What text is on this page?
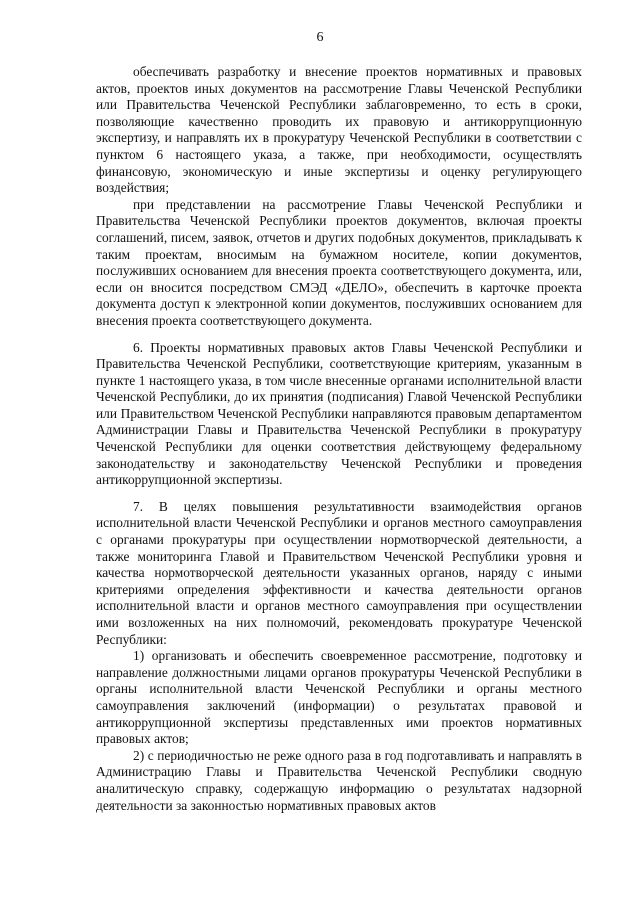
6

обеспечивать разработку и внесение проектов нормативных и правовых актов, проектов иных документов на рассмотрение Главы Чеченской Республики или Правительства Чеченской Республики заблаговременно, то есть в сроки, позволяющие качественно проводить их правовую и антикоррупционную экспертизу, и направлять их в прокуратуру Чеченской Республики в соответствии с пунктом 6 настоящего указа, а также, при необходимости, осуществлять финансовую, экономическую и иные экспертизы и оценку регулирующего воздействия;

при представлении на рассмотрение Главы Чеченской Республики и Правительства Чеченской Республики проектов документов, включая проекты соглашений, писем, заявок, отчетов и других подобных документов, прикладывать к таким проектам, вносимым на бумажном носителе, копии документов, послуживших основанием для внесения проекта соответствующего документа, или, если он вносится посредством СМЭД «ДЕЛО», обеспечить в карточке проекта документа доступ к электронной копии документов, послуживших основанием для внесения проекта соответствующего документа.

6. Проекты нормативных правовых актов Главы Чеченской Республики и Правительства Чеченской Республики, соответствующие критериям, указанным в пункте 1 настоящего указа, в том числе внесенные органами исполнительной власти Чеченской Республики, до их принятия (подписания) Главой Чеченской Республики или Правительством Чеченской Республики направляются правовым департаментом Администрации Главы и Правительства Чеченской Республики в прокуратуру Чеченской Республики для оценки соответствия действующему федеральному законодательству и законодательству Чеченской Республики и проведения антикоррупционной экспертизы.

7. В целях повышения результативности взаимодействия органов исполнительной власти Чеченской Республики и органов местного самоуправления с органами прокуратуры при осуществлении нормотворческой деятельности, а также мониторинга Главой и Правительством Чеченской Республики уровня и качества нормотворческой деятельности указанных органов, наряду с иными критериями определения эффективности и качества деятельности органов исполнительной власти и органов местного самоуправления при осуществлении ими возложенных на них полномочий, рекомендовать прокуратуре Чеченской Республики:

1) организовать и обеспечить своевременное рассмотрение, подготовку и направление должностными лицами органов прокуратуры Чеченской Республики в органы исполнительной власти Чеченской Республики и органы местного самоуправления заключений (информации) о результатах правовой и антикоррупционной экспертизы представленных ими проектов нормативных правовых актов;

2) с периодичностью не реже одного раза в год подготавливать и направлять в Администрацию Главы и Правительства Чеченской Республики сводную аналитическую справку, содержащую информацию о результатах надзорной деятельности за законностью нормативных правовых актов
